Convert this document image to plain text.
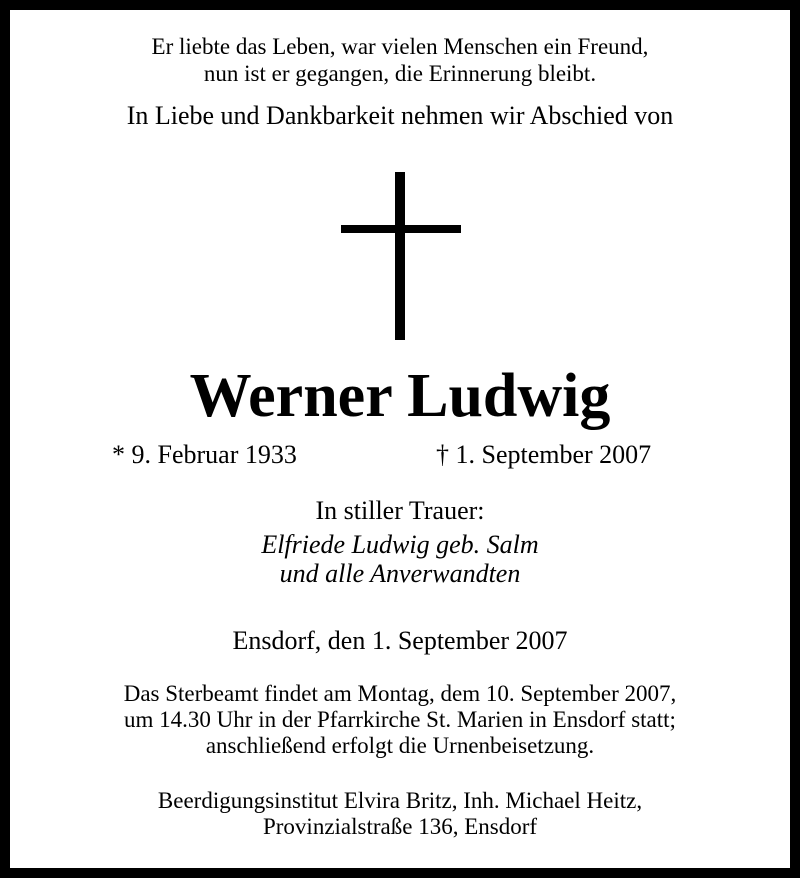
Er liebte das Leben, war vielen Menschen ein Freund,
nun ist er gegangen, die Erinnerung bleibt.
In Liebe und Dankbarkeit nehmen wir Abschied von
Werner Ludwig
* 9. Februar 1933	† 1. September 2007
In stiller Trauer:
Elfriede Ludwig geb. Salm
und alle Anverwandten
Ensdorf, den 1. September 2007
Das Sterbeamt findet am Montag, dem 10. September 2007,
um 14.30 Uhr in der Pfarrkirche St. Marien in Ensdorf statt;
anschließend erfolgt die Urnenbeisetzung.
Beerdigungsinstitut Elvira Britz, Inh. Michael Heitz,
Provinzialstraße 136, Ensdorf
